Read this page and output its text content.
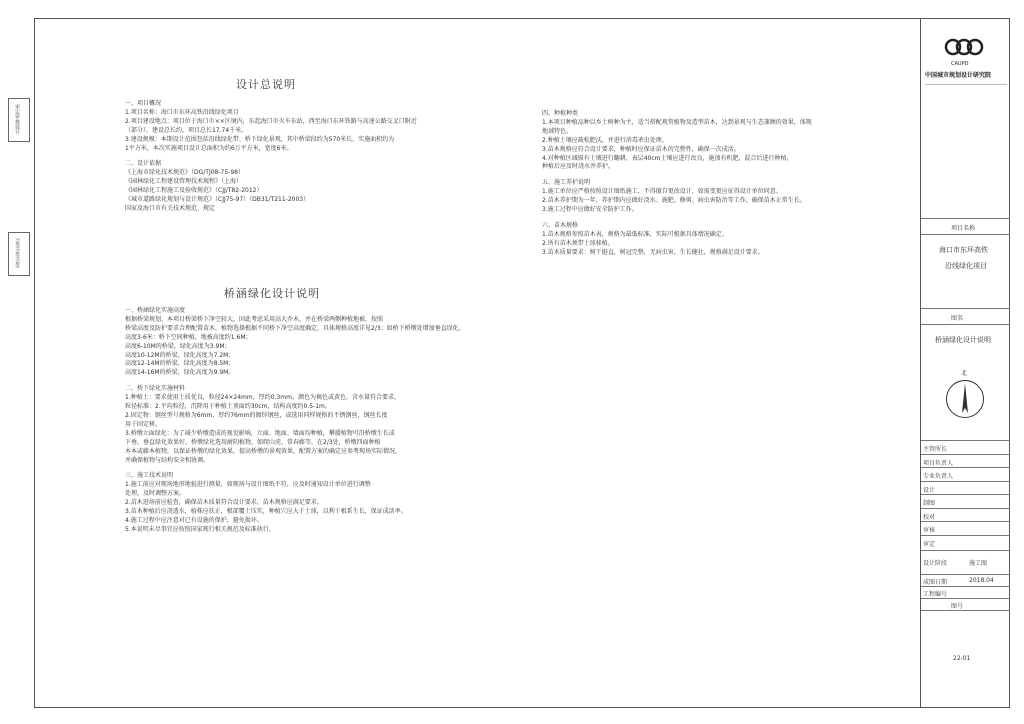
审定审核设计
会签会签会签
设计总说明

一、项目概况

1.项目名称：海口市东环高铁沿线绿化项目

2.项目建设地点：项目位于海口市××区境内，东起海口市火车东站，西至海口东环铁路与高速公路交叉口附近

（部分），建设总长约，项目总长17.74千米。

3.建设规模：本期设计范围包括沿线绿化带、桥下绿化景观，其中桥梁段约为570米长，实施面积约为

1平方米，本次实施项目设计总面积为约6万平方米，宽度6米。

二、设计依据

《上海市绿化技术规范》（DG/TJ08-75-98）

《园林绿化工程建设管理技术规程》（上海）

《园林绿化工程施工及验收规范》（CJJ/T82-2012）

《城市道路绿化规划与设计规范》（CJJ75-97）（DB31/T211-2003）

国家及海口市有关技术规范、规定

桥涵绿化设计说明

一、桥涵绿化实施高度

根据桥梁规划，本项目桥梁桥下净空较大，因此考虑采用高大乔木，并在桥梁两侧种植地被，按照

桥梁高度及防护要求合理配置苗木，植物选择根据不同桥下净空高度确定，具体规格高度详见2/3；如桥下桥墩处增加垂直绿化，

高度3-6米：桥下空间种植，地被高度约1.6M；

高度6-10M的桥梁，绿化高度为3.9M；

高度10-12M的桥梁，绿化高度为7.2M；

高度12-14M的桥梁，绿化高度为8.5M；

高度14-16M的桥梁，绿化高度为9.9M。

二、桥下绿化实施材料

1.种植土：要求使用土质优良，粒径24×24mm，厚约0.3mm，颜色为褐色或黄色，含水量符合要求，

粒径标准：2.平均粒径，沉降用于种植土顶面约30cm，结构高度约0.5-1m。

2.固定物：钢丝型号规格为6mm，厚约76mm的镀锌钢丝，或选用同样规格的不锈钢丝，钢丝长度

用于固定树。

3.桥墩立面绿化：为了减少桥墩造成的视觉影响，立面、地面、墙面均种植，攀援植物可沿桥墩生长或

下垂，垂直绿化效果好，桥墩绿化选用耐阴植物，如爬山虎、常春藤等，在2/3处，桥墩四面种植

木本或藤本植物，以保证桥墩的绿化效果，提高桥墩的景观效果，配置方案的确定应参考现场实际情况，

并确保植物与结构安全相协调。

三、施工技术说明

1.施工前应对现场地形地貌进行测量，如现场与设计图纸不符，应及时通知设计单位进行调整

处理，及时调整方案。

2.苗木进场前应检查，确保苗木质量符合设计要求，苗木规格应满足要求。

3.苗木种植后应浇透水，植株应扶正，根部覆土压实，种植穴应大于土球，以利于根系生长，保证成活率。

4.施工过程中应注意对已有设施的保护，避免损坏。

5.本说明未尽事宜应按照国家现行相关规范及标准执行。

四、种植种类

1.本项目种植品种以乡土树种为主，适当搭配观赏植物及造型苗木，达到景观与生态兼顾的效果，体现

地域特色。

2.种植土壤应疏松肥沃，并进行消毒杀虫处理。

3.苗木规格应符合设计要求，种植时应保证苗木的完整性，确保一次成活。

4.对种植区域原有土壤进行翻耕，表层40cm土壤应进行改良，施加有机肥，混合后进行种植，

种植后应及时浇水并养护。

五、施工养护说明

1.施工单位应严格按照设计图纸施工，不得擅自更改设计，如需变更应征得设计单位同意。

2.苗木养护期为一年，养护期内应做好浇水、施肥、修剪、病虫害防治等工作，确保苗木正常生长。

3.施工过程中应做好安全防护工作。

六、苗木规格

1.苗木规格参照苗木表，规格为最低标准，实际可根据具体情况确定。

2.所有苗木须带土球移植。

3.苗木质量要求：树干挺直，树冠完整，无病虫害，生长健壮，规格满足设计要求。

CAUPD
中国城市规划设计研究院
项目名称
海口市东环高铁
沿线绿化项目
图名
桥涵绿化设计说明
北
主管所长
项目负责人
专业负责人
设计
制图
校对
审核
审定
设计阶段	施工图
成图日期	2018.04
工程编号
图号
22-01
